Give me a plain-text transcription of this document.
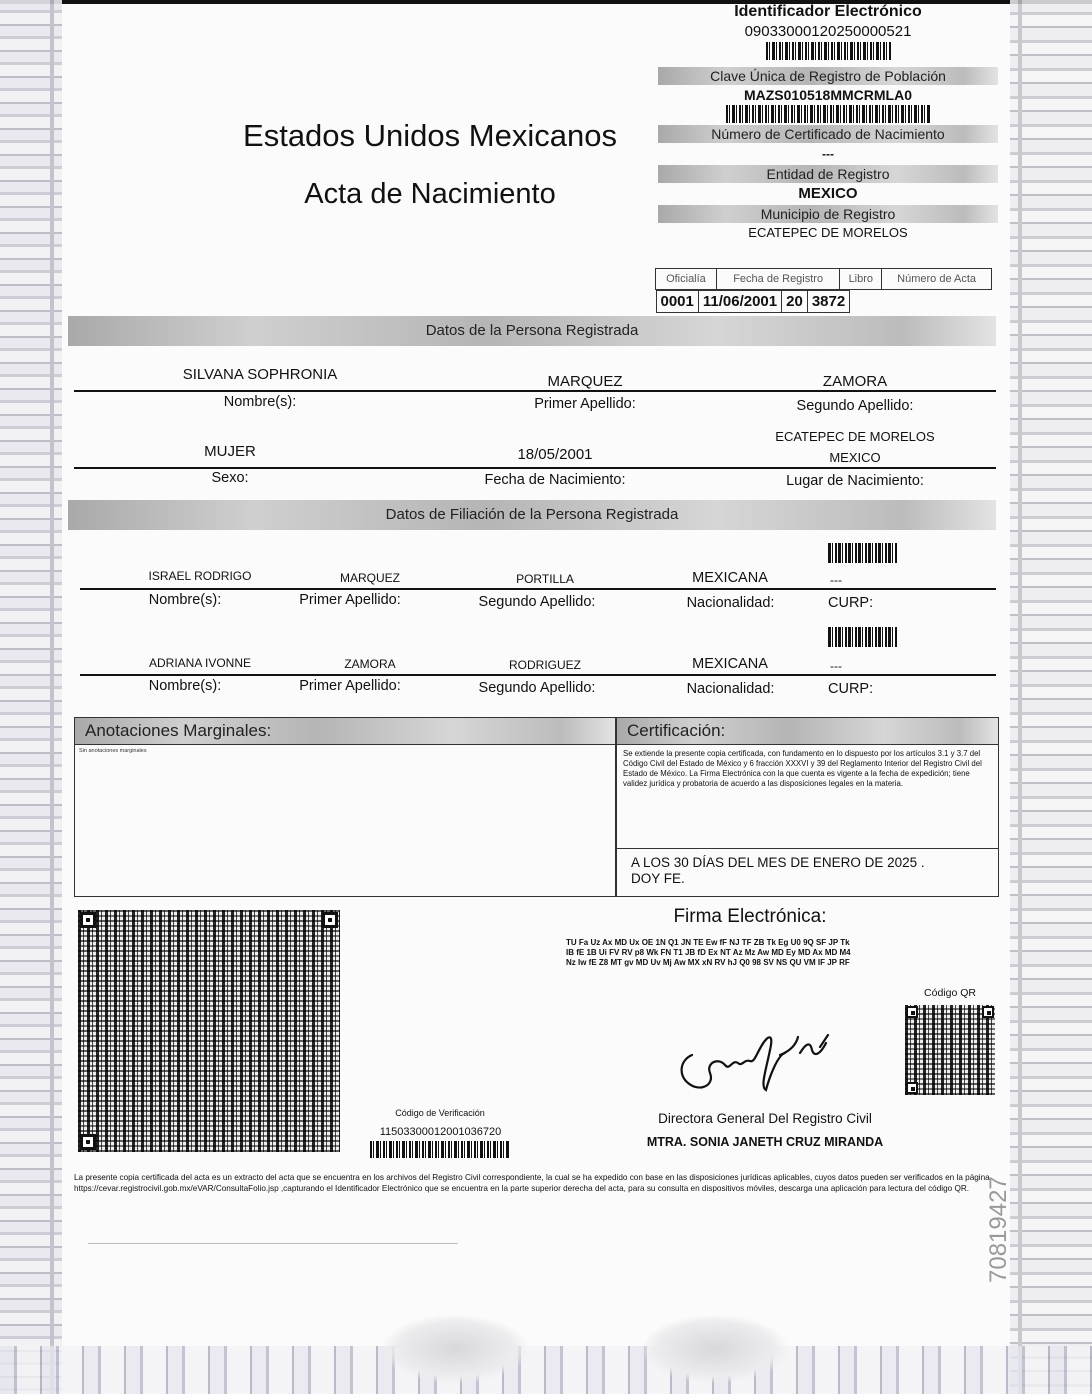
Estados Unidos Mexicanos
Acta de Nacimiento
Identificador Electrónico
09033000120250000521
Clave Única de Registro de Población
MAZS010518MMCRMLA0
Número de Certificado de Nacimiento
---
Entidad de Registro
MEXICO
Municipio de Registro
ECATEPEC DE MORELOS
Oficialía	Fecha de Registro	Libro	Número de Acta

0001	11/06/2001	20	3872
Datos de la Persona Registrada
SILVANA SOPHRONIA	MARQUEZ	ZAMORA
Nombre(s):	Primer Apellido:	Segundo Apellido:
MUJER	18/05/2001
ECATEPEC DE MORELOS
MEXICO
Sexo:	Fecha de Nacimiento:	Lugar de Nacimiento:
Datos de Filiación de la Persona Registrada
ISRAEL RODRIGO	MARQUEZ	PORTILLA	MEXICANA	---
Nombre(s):	Primer Apellido:	Segundo Apellido:	Nacionalidad:	CURP:
ADRIANA IVONNE	ZAMORA	RODRIGUEZ	MEXICANA	---
Nombre(s):	Primer Apellido:	Segundo Apellido:	Nacionalidad:	CURP:
Anotaciones Marginales:
Sin anotaciones marginales
Certificación:
Se extiende la presente copia certificada, con fundamento en lo dispuesto por los artículos 3.1 y 3.7 del Código Civil del Estado de México y 6 fracción XXXVI y 39 del Reglamento Interior del Registro Civil del Estado de México. La Firma Electrónica con la que cuenta es vigente a la fecha de expedición; tiene validez jurídica y probatoria de acuerdo a las disposiciones legales en la materia.
A LOS 30 DÍAS DEL MES DE ENERO DE 2025 .
DOY FE.
Firma Electrónica:
TU Fa Uz Ax MD Ux OE 1N Q1 JN TE Ew fF NJ TF ZB Tk Eg U0 9Q SF JP Tk
IB fE 1B Ui FV RV p8 Wk FN T1 JB fD Ex NT Az Mz Aw MD Ey MD Ax MD M4
Nz Iw fE Z8 MT gv MD Uv Mj Aw MX xN RV hJ Q0 98 SV NS QU VM IF JP RF
Código QR
Código de Verificación
11503300012001036720
Directora General Del Registro Civil
MTRA. SONIA JANETH CRUZ MIRANDA
La presente copia certificada del acta es un extracto del acta que se encuentra en los archivos del Registro Civil correspondiente, la cual se ha expedido con base en las disposiciones jurídicas aplicables, cuyos datos pueden ser verificados en la página https://cevar.registrocivil.gob.mx/eVAR/ConsultaFolio.jsp ,capturando el Identificador Electrónico que se encuentra en la parte superior derecha del acta, para su consulta en dispositivos móviles, descarga una aplicación para lectura del código QR. 70819427
